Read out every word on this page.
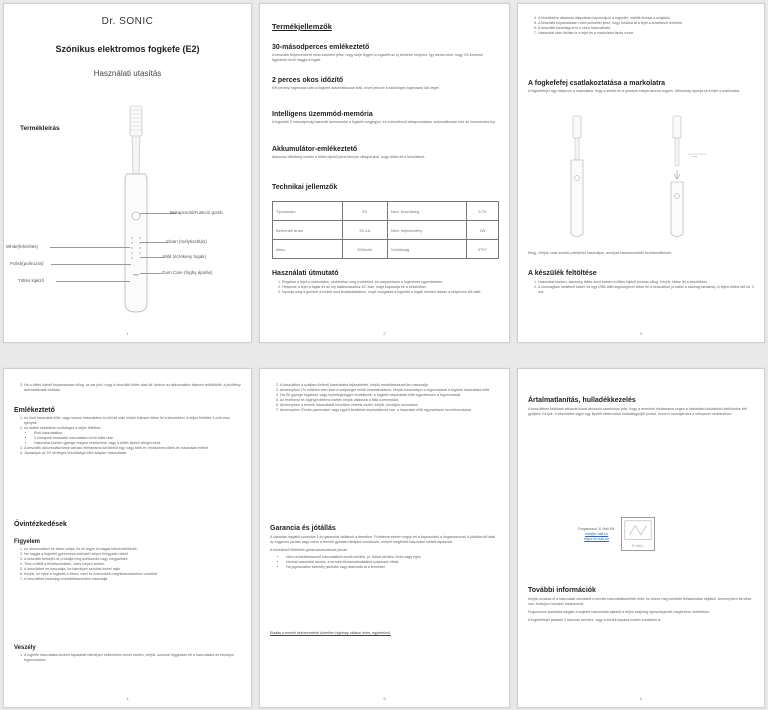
Dr. SONIC
Szónikus elektromos fogkefe (E2)
Használati utasítás
Termékleírás
Bekapcsoló/Funkció gomb
White(fehérítés)
Clean (mélytisztítás)
Polish(polírozás)
Mild (érzékeny fogak)
Töltés kijelző
Gum Care (foghy ápolás)
1
Termékjellemzők
30-másodperces emlékeztető
A készülék félpercenként rövid szünetet jelez, hogy ideje legyen a fogkefét az új területre helyezni. Így biztos lehet, hogy Ön kevéssé figyelmen kívül hagyja a fogait.
2 perces okos időzítő
Két percnyi fogmosás után a fogkefe automatikusan leáll, ezzel jelezve a szükséges fogmosási idő végét.
Intelligens üzemmód-memória
A legutóbb 5 másodpercig használt üzemmódot a fogkefe megjegyzi, és a következő bekapcsoláskor automatikusan erre az üzemmódra lép.
Akkumulátor-emlékeztető
Alacsony töltöttség esetén a töltés kijelző piros fénnyel villogva jelzi, hogy töltse fel a készüléket.
Technikai jellemzők
Típusszám	E2	Névl. feszültség	3.7V
Bemeneti áram	5V-1A	Névl. teljesítmény	1W
Akku	500mAh	Vízállóság	IPX7
Használati útmutató
1. Rögzítse a fejet a markolaton, nedvesítse meg a sörtéket, és cseppentsen a fogkrémet egyenletesen.
2. Helyezze a fejet a fogak és az íny találkozásához 45°-ban, majd kapcsolja be a készüléket.
3. Nyomja meg a gombot a kívánt mód kiválasztásához, majd mozgassa a fogkefét a fogak mentén lassan a kétperces idő alatt.
2
4. A frissítésére alkalmas állapotban kapcsolja ki a fogkefét, mielőtt kiveszi a szájából.
5. A készülék folyamatosan rövid szünettel jelez, hogy fordítsa át a fejet a következő területre.
6. A készülék kizárólag erre a célra használható.
7. Használat után öblítse le a fejet és a markolatot tiszta vízzel.
A fogkefefej csatlakoztatása a markolatra
A fogkefefejet úgy helyezze a markolatra, hogy a sörték és a gombok iránya azonos legyen. Ütközésig nyomja rá a fejet a markolatra.
⟶
Megj.: Kérjük csak eredeti pótfejeket használjon, amelyek beszerezhetők kereskedőinknél.
A készülék feltöltése
1. Használat közben, alacsony töltés szint esetén a töltés kijelző pirosan villog. Kérjük, töltse fel a készüléket.
2. A csomagban mellékelt kábel, és egy USB-töltő segítségével töltse fel a készüléket (a kábel a csomag tartalma). A teljes töltési idő kb. 3 óra.
3
3. Ha a töltés kijelző folyamatosan villog, az azt jelzi, hogy a készülék töltés alatt áll. Amikor az akkumulátor teljesen feltöltődött, a jelzőfény automatikusan kialszik.
Emlékeztető
1. Az első használat előtt, vagy hosszú használaton kívüli idő után kérjük teljesen töltse fel a készüléket. A teljes feltöltés 3 órát vesz igénybe.
2. Az alábbi esetekben szükséges a teljes feltöltés:
• Első használatkor.
• 3 hónapnál hosszabb használaton kívül állás után.
• Használat közben gyenge rezgést érzékelünk, vagy a töltés kijelző villogni kezd.
3. A készülék akkumulátorának várható élettartama körülbelül egy, vagy több év rendszeres töltés és használat mellett.
4. Javasoljuk az 5V névleges feszültségű töltő adapter használatát.
Óvintézkedések
Figyelem
1. Az akkumulátort ne tűzbe dobja, és ne tegye ki magas hőmérsékletnek.
2. Ne hagyja a fogkefét gyermekek elérhető helyen felügyelet nélkül.
3. A készülék belsejét ne próbálja meg szétszedni vagy megjavítani.
4. Tilos a töltőt a fürdőszobában, vizes helyen tartani.
5. A készüléket ne használja, ha bármilyen sérülést észlel rajta.
6. Kérjük, ne ejtse a fogkefét a földre, mert ez a készülék meghibásodásához vezethet.
7. A készüléket kizárólag rendeltetésszerűen használja.
Veszély
1. A fogkefe használata közben tapasztalt bármilyen kellemetlen érzés esetén, kérjük, azonnal függessze fel a használatot és forduljon fogorvosához.
4
2. A készülékét a szájban történő használatra fejlesztették, kérjük rendeltetésszerűen használja.
3. Amennyiben Ön műtéten vett részt a szájüregét érintő beavatkozáson, kérjük konzultáljon a fogorvosával a fogkefe használata előtt.
4. Ha Ön gyenge fogakkal, vagy ínybetegséggel rendelkezik, a fogkefe használata előtt egyeztessen a fogorvosával.
5. Az érzékeny és fogínyprobléma esetén kérjük válassza a Mild üzemmódot.
6. Amennyiben a termék használatát követően vérzést észlel, kérjük, forduljon orvosához.
7. Amennyiben Önnek pacemaker vagy egyéb beültetett implantátuma van, a használat előtt egyeztessen kezelőorvosával.
Garancia és jótállás
A vásárlás napjától számítva 1 év garanciát vállalunk a termékre. Probléma esetén vegye fel a kapcsolatot a forgalmazóval. A jótállás idő alatt az ingyenes javítás vagy csere a termék gyártási hibájára vonatkozik, melyet megfelelő használat mellett tapasztal.
A következő feltételek garanciavesztéssel járnak:
• Nem rendeltetésszerű használatból eredő sérülés, pl. fizikai sérülés, törés vagy égés.
• Normál használat okozta, a termék elhasználódásából származó hibák.
• Ha jogosulatlan személy javította vagy alakította át a terméket.
Eladás a termék kézhezvételét követően highway oldalon lehet, egyértelmű.
5
Ártalmatlanítás, hulladékkezelés
A készüléken található áthúzott kukát ábrázoló szimbólum jelzi, hogy a terméket élettartama végén a háztartási hulladéktól elkülönítve kell gyűjteni. Kérjük, a készüléket vigye egy kijelölt elektronikai hulladékgyűjtő pontra, ezzel is hozzájárulva a környezet védelméhez.
Forgalmazó: E-Hall Kft.
info@e-hall.hu
https://e-hall.hu
E-HALL
További információk
Kérjük olvassa el a használati útmutatót a termék használatbavétele előtt, és őrizze meg későbbi felhasználás céljából. Amennyiben kérdése van, forduljon hozzánk bizalommal.
Fogorvosok javaslata alapján a fogkefe használata ajánlott a teljes szájüreg egészségének megőrzése érdekében.
A fogkefefejet javasolt 3 havonta cserélni, vagy a sörték kopása esetén korábban is.
6
